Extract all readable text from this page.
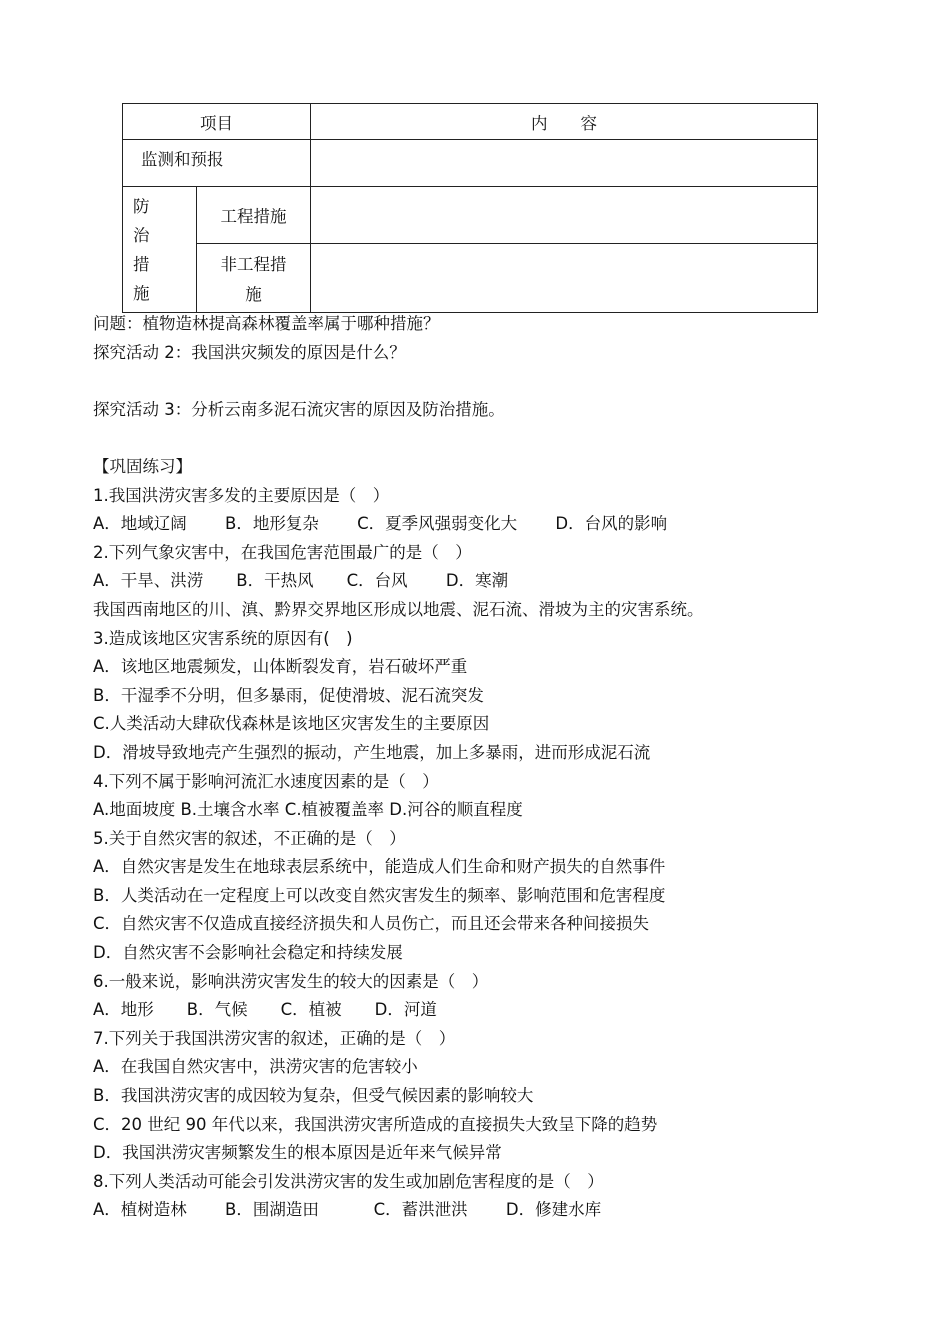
项目		内　　容
监测和预报		

防
治
措
施	工程措施	

	非工程措
施	

问题：植物造林提高森林覆盖率属于哪种措施？
探究活动 2：我国洪灾频发的原因是什么？
探究活动 3：分析云南多泥石流灾害的原因及防治措施。
【巩固练习】
1.我国洪涝灾害多发的主要原因是（　）
A．地域辽阔　　 B．地形复杂　　 C．夏季风强弱变化大　　 D．台风的影响
2.下列气象灾害中，在我国危害范围最广的是（　）
A．干旱、洪涝　　B．干热风　　C．台风　　 D．寒潮
我国西南地区的川、滇、黔界交界地区形成以地震、泥石流、滑坡为主的灾害系统。
3.造成该地区灾害系统的原因有(　)
A．该地区地震频发，山体断裂发育，岩石破坏严重
B．干湿季不分明，但多暴雨，促使滑坡、泥石流突发
C.人类活动大肆砍伐森林是该地区灾害发生的主要原因
D．滑坡导致地壳产生强烈的振动，产生地震，加上多暴雨，进而形成泥石流
4.下列不属于影响河流汇水速度因素的是（　）
A.地面坡度 B.土壤含水率 C.植被覆盖率 D.河谷的顺直程度
5.关于自然灾害的叙述，不正确的是（　）
A．自然灾害是发生在地球表层系统中，能造成人们生命和财产损失的自然事件
B．人类活动在一定程度上可以改变自然灾害发生的频率、影响范围和危害程度
C．自然灾害不仅造成直接经济损失和人员伤亡，而且还会带来各种间接损失
D．自然灾害不会影响社会稳定和持续发展
6.一般来说，影响洪涝灾害发生的较大的因素是（　）
A．地形　　B．气候　　C．植被　　D．河道
7.下列关于我国洪涝灾害的叙述，正确的是（　）
A．在我国自然灾害中，洪涝灾害的危害较小
B．我国洪涝灾害的成因较为复杂，但受气候因素的影响较大
C．20 世纪 90 年代以来，我国洪涝灾害所造成的直接损失大致呈下降的趋势
D．我国洪涝灾害频繁发生的根本原因是近年来气候异常
8.下列人类活动可能会引发洪涝灾害的发生或加剧危害程度的是（　）
A．植树造林　　 B．围湖造田　　　 C．蓄洪泄洪　　 D．修建水库
